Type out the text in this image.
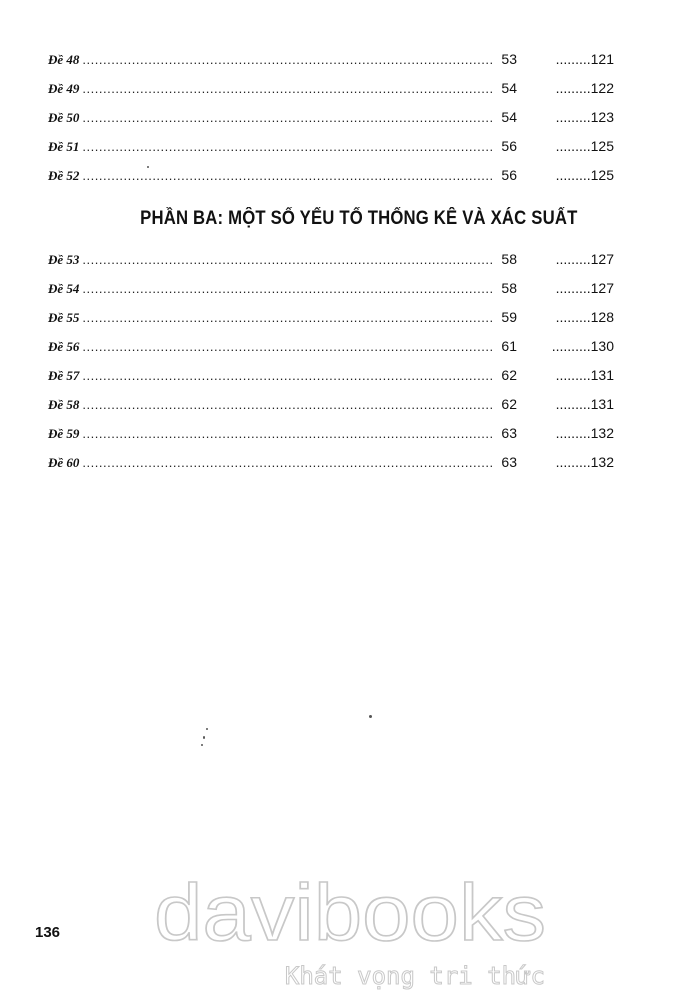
Đề 48 .....	53	.........121
Đề 49 .....	54	.........122
Đề 50 .....	54	.........123
Đề 51 .....	56	.........125
Đề 52 .....	56	.........125
PHẦN BA: MỘT SỐ YẾU TỐ THỐNG KÊ VÀ XÁC SUẤT
Đề 53 .....	58	.........127
Đề 54 .....	58	.........127
Đề 55 .....	59	.........128
Đề 56 .....	61	..........130
Đề 57 .....	62	.........131
Đề 58 .....	62	.........131
Đề 59 .....	63	.........132
Đề 60 .....	63	.........132
136 davibooks
Khát vọng tri thức
